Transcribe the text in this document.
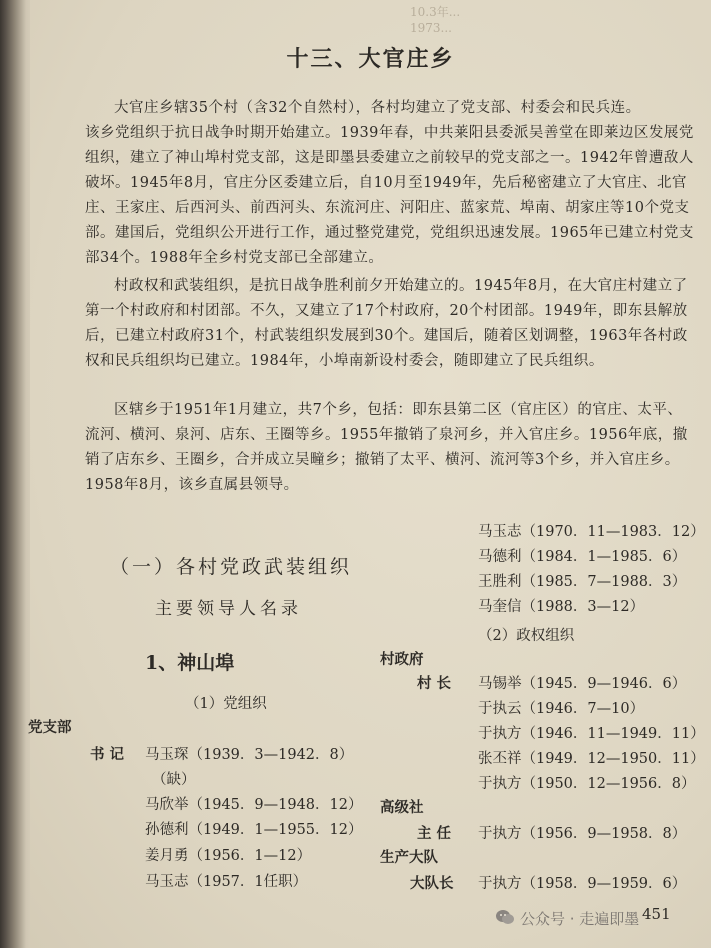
10.3年...
1973...
十三、大官庄乡

大官庄乡辖35个村（含32个自然村），各村均建立了党支部、村委会和民兵连。
该乡党组织于抗日战争时期开始建立。1939年春，中共莱阳县委派吴善堂在即莱边区发展党组织，建立了神山埠村党支部，这是即墨县委建立之前较早的党支部之一。1942年曾遭敌人破坏。1945年8月，官庄分区委建立后，自10月至1949年，先后秘密建立了大官庄、北官庄、王家庄、后西河头、前西河头、东流河庄、河阳庄、蓝家荒、埠南、胡家庄等10个党支部。建国后，党组织公开进行工作，通过整党建党，党组织迅速发展。1965年已建立村党支部34个。1988年全乡村党支部已全部建立。

村政权和武装组织，是抗日战争胜利前夕开始建立的。1945年8月，在大官庄村建立了第一个村政府和村团部。不久，又建立了17个村政府，20个村团部。1949年，即东县解放后，已建立村政府31个，村武装组织发展到30个。建国后，随着区划调整，1963年各村政权和民兵组织均已建立。1984年，小埠南新设村委会，随即建立了民兵组织。

区辖乡于1951年1月建立，共7个乡，包括：即东县第二区（官庄区）的官庄、太平、流河、横河、泉河、店东、王圈等乡。1955年撤销了泉河乡，并入官庄乡。1956年底，撤销了店东乡、王圈乡，合并成立吴疃乡；撤销了太平、横河、流河等3个乡，并入官庄乡。1958年8月，该乡直属县领导。

（一）各村党政武装组织
主要领导人名录
1、神山埠
（1）党组织
党支部
书 记 马玉琛（1939．3—1942．8）
（缺）
马欣举（1945．9—1948．12）
孙德利（1949．1—1955．12）
姜月勇（1956．1—12）
马玉志（1957．1任职）
马玉志（1970．11—1983．12）
马德利（1984．1—1985．6）
王胜利（1985．7—1988．3）
马奎信（1988．3—12）
（2）政权组织
村政府
村 长 马锡举（1945．9—1946．6）
于执云（1946．7—10）
于执方（1946．11—1949．11）
张丕祥（1949．12—1950．11）
于执方（1950．12—1956．8）
高级社
主 任 于执方（1956．9—1958．8）
生产大队
大队长 于执方（1958．9—1959．6）
451
公众号 · 走遍即墨
